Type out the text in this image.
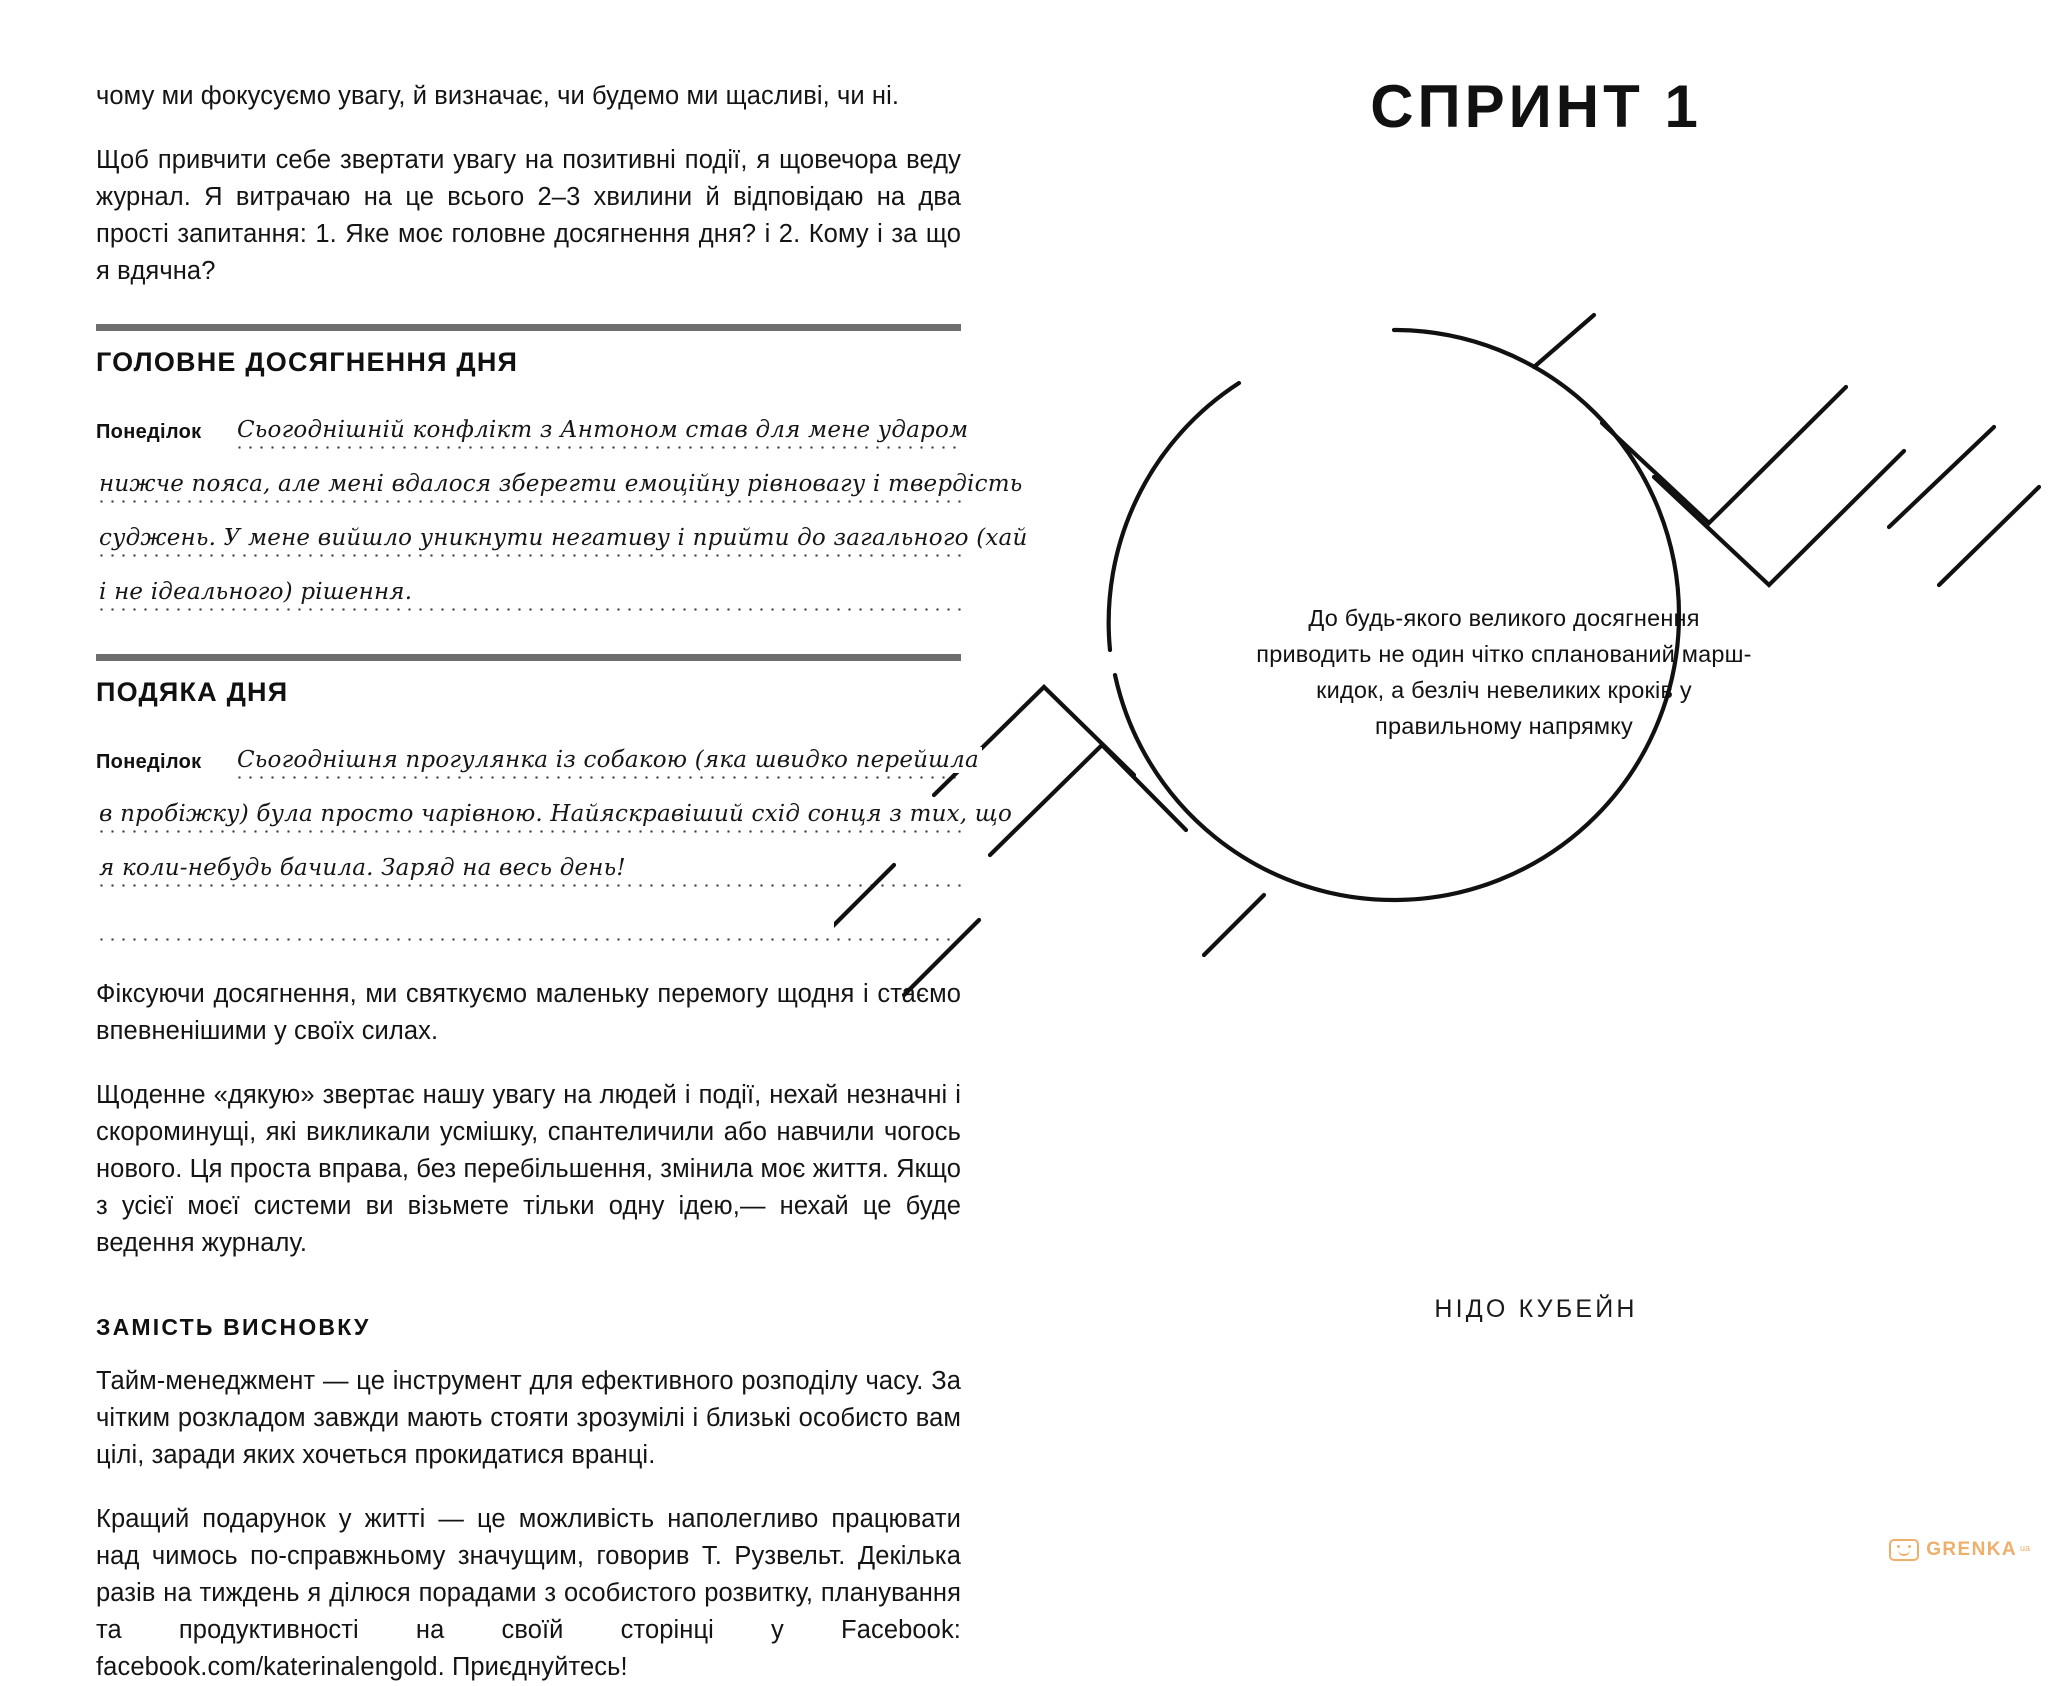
чому ми фокусуємо увагу, й визначає, чи будемо ми щасливі, чи ні.

Щоб привчити себе звертати увагу на позитивні події, я щовечора веду журнал. Я витрачаю на це всього 2–3 хвилини й відповідаю на два прості запитання: 1. Яке моє головне досягнення дня? і 2. Кому і за що я вдячна?

ГОЛОВНЕ ДОСЯГНЕННЯ ДНЯ
Понеділок Сьогоднішній конфлікт з Антоном став для мене ударом
нижче пояса, але мені вдалося зберегти емоційну рівновагу і твердість
суджень. У мене вийшло уникнути негативу і прийти до загального (хай
і не ідеального) рішення.
ПОДЯКА ДНЯ
Понеділок Сьогоднішня прогулянка із собакою (яка швидко перейшла
в пробіжку) була просто чарівною. Найяскравіший схід сонця з тих, що
я коли-небудь бачила. Заряд на весь день!

Фіксуючи досягнення, ми святкуємо маленьку перемогу щодня і стаємо впевненішими у своїх силах.

Щоденне «дякую» звертає нашу увагу на людей і події, нехай незначні і скороминущі, які викликали усмішку, спантеличили або навчили чогось нового. Ця проста вправа, без перебільшення, змінила моє життя. Якщо з усієї моєї системи ви візьмете тільки одну ідею,— нехай це буде ведення журналу.

ЗАМІСТЬ ВИСНОВКУ

Тайм-менеджмент — це інструмент для ефективного розподілу часу. За чітким розкладом завжди мають стояти зрозумілі і близькі особисто вам цілі, заради яких хочеться прокидатися вранці.

Кращий подарунок у житті — це можливість наполегливо працювати над чимось по-справжньому значущим, говорив Т. Рузвельт. Декілька разів на тиждень я ділюся порадами з особистого розвитку, планування та продуктивності на своїй сторінці у Facebook: facebook.com/katerinalengold. Приєднуйтесь!

СПРИНТ 1
До будь-якого великого досягнення приводить не один чітко спланований марш-кидок, а безліч невеликих кроків у правильному напрямку
НІДО КУБЕЙН
GRENKA ua
